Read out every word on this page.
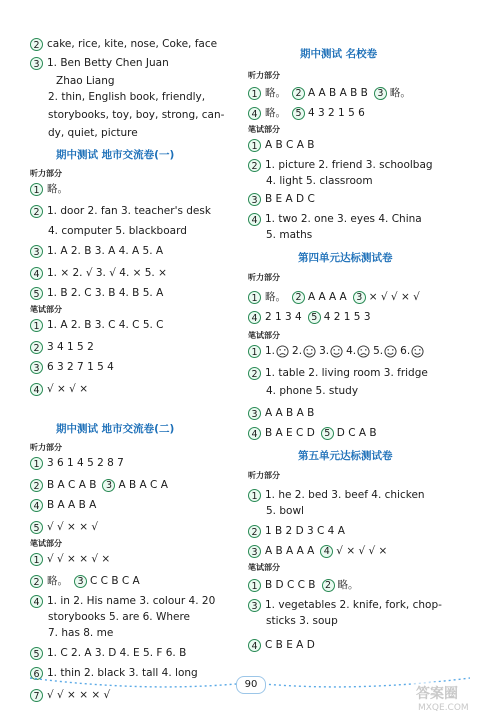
2 cake, rice, kite, nose, Coke, face
3 1. Ben Betty Chen Juan
Zhao Liang
2. thin, English book, friendly,
storybooks, toy, boy, strong, can-
dy, quiet, picture
期中测试 地市交流卷(一)
听力部分
1 略。
2 1. door 2. fan 3. teacher's desk
4. computer 5. blackboard
3 1. A 2. B 3. A 4. A 5. A
4 1. × 2. √ 3. √ 4. × 5. ×
5 1. B 2. C 3. B 4. B 5. A
笔试部分
1 1. A 2. B 3. C 4. C 5. C
2 3 4 1 5 2
3 6 3 2 7 1 5 4
4 √ × √ ×
期中测试 地市交流卷(二)
听力部分
1 3 6 1 4 5 2 8 7
2 B A C A B 3 A B A C A
4 B A A B A
5 √ √ × × √
笔试部分
1 √ √ × × √ ×
2 略。 3 C C B C A
4 1. in 2. His name 3. colour 4. 20
storybooks 5. are 6. Where
7. has 8. me
5 1. C 2. A 3. D 4. E 5. F 6. B
6 1. thin 2. black 3. tall 4. long
7 √ √ × × × √
期中测试 名校卷
听力部分
1 略。 2 A A B A B B 3 略。
4 略。 5 4 3 2 1 5 6
笔试部分
1 A B C A B
2 1. picture 2. friend 3. schoolbag
4. light 5. classroom
3 B E A D C
4 1. two 2. one 3. eyes 4. China
5. maths
第四单元达标测试卷
听力部分
1 略。 2 A A A A 3 × √ √ × √
4 2 1 3 4 5 4 2 1 5 3
笔试部分
1 1. 2. 3. 4. 5. 6.
2 1. table 2. living room 3. fridge
4. phone 5. study
3 A A B A B
4 B A E C D 5 D C A B
第五单元达标测试卷
听力部分
1 1. he 2. bed 3. beef 4. chicken
5. bowl
2 1 B 2 D 3 C 4 A
3 A B A A A 4 √ × √ √ ×
笔试部分
1 B D C C B 2 略。
3 1. vegetables 2. knife, fork, chop-
sticks 3. soup
4 C B E A D
90
答案圈
MXQE.COM
